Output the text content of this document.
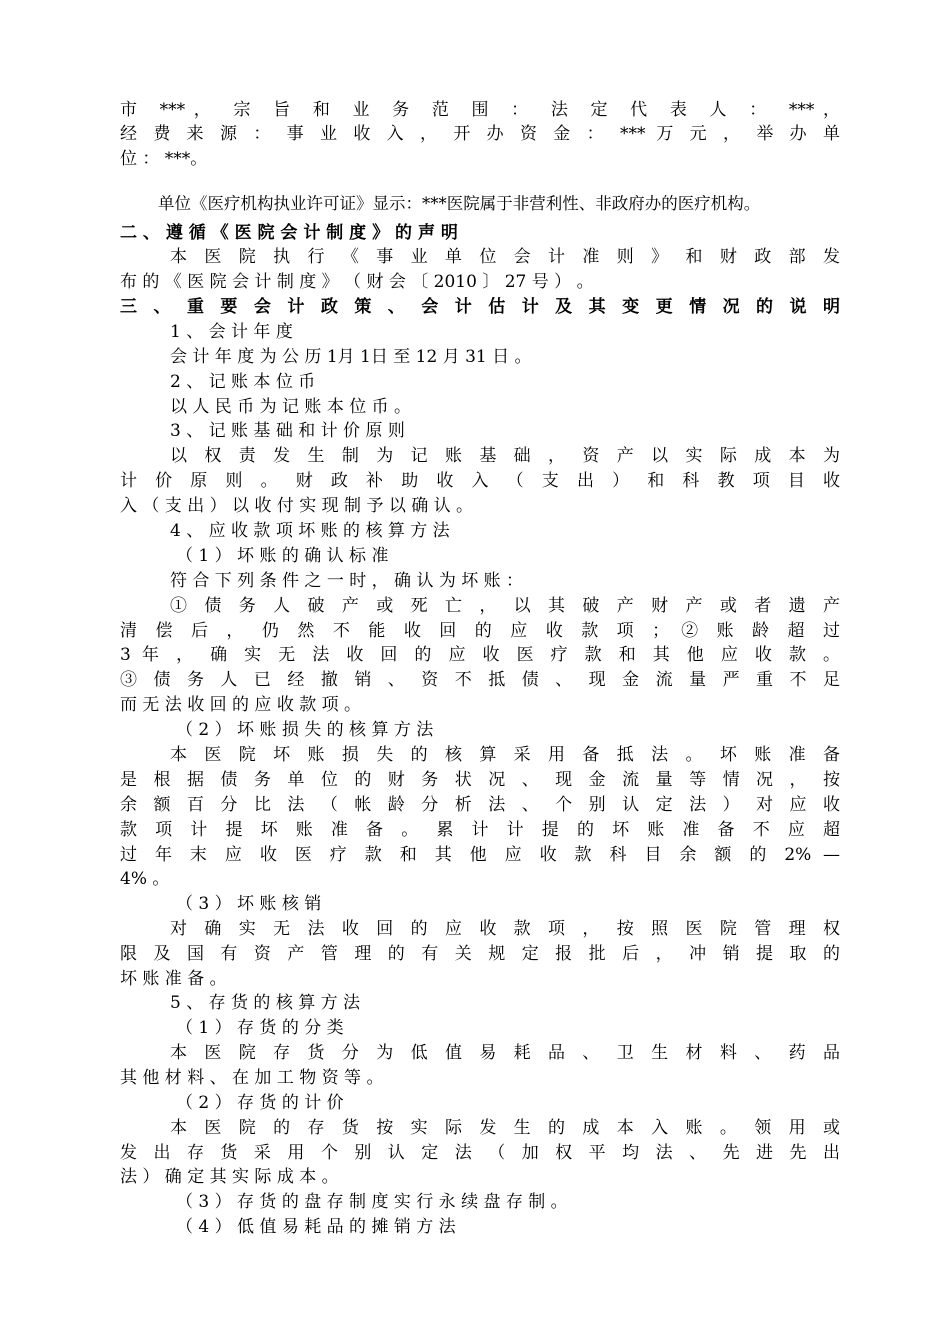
市 ***， 宗 旨 和 业 务 范 围 ： 法 定 代 表 人 ： ***，
经 费 来 源 ： 事 业 收 入 ， 开 办 资 金 ： *** 万 元 ， 举 办 单
位 ： ***。
单位《医疗机构执业许可证》显示：***医院属于非营利性、非政府办的医疗机构。
二 、 遵 循 《 医 院 会 计 制 度 》 的 声 明
本 医 院 执 行 《 事 业 单 位 会 计 准 则 》 和 财 政 部 发
布 的 《 医 院 会 计 制 度 》 （ 财 会 〔 2010 〕 27 号 ） 。
三 、 重 要 会 计 政 策 、 会 计 估 计 及 其 变 更 情 况 的 说 明
1 、 会 计 年 度
会 计 年 度 为 公 历 1月 1日 至 12 月 31 日 。
2 、 记 账 本 位 币
以 人 民 币 为 记 账 本 位 币 。
3 、 记 账 基 础 和 计 价 原 则
以 权 责 发 生 制 为 记 账 基 础 ， 资 产 以 实 际 成 本 为
计 价 原 则 。 财 政 补 助 收 入 （ 支 出 ） 和 科 教 项 目 收
入 （ 支 出 ） 以 收 付 实 现 制 予 以 确 认 。
4 、 应 收 款 项 坏 账 的 核 算 方 法
（ 1 ） 坏 账 的 确 认 标 准
符 合 下 列 条 件 之 一 时 ， 确 认 为 坏 账 ：
① 债 务 人 破 产 或 死 亡 ， 以 其 破 产 财 产 或 者 遗 产
清 偿 后 ， 仍 然 不 能 收 回 的 应 收 款 项 ； ② 账 龄 超 过
3 年 ， 确 实 无 法 收 回 的 应 收 医 疗 款 和 其 他 应 收 款 。
③ 债 务 人 已 经 撤 销 、 资 不 抵 债 、 现 金 流 量 严 重 不 足
而 无 法 收 回 的 应 收 款 项 。
（ 2 ） 坏 账 损 失 的 核 算 方 法
本 医 院 坏 账 损 失 的 核 算 采 用 备 抵 法 。 坏 账 准 备
是 根 据 债 务 单 位 的 财 务 状 况 、 现 金 流 量 等 情 况 ， 按
余 额 百 分 比 法 （ 帐 龄 分 析 法 、 个 别 认 定 法 ） 对 应 收
款 项 计 提 坏 账 准 备 。 累 计 计 提 的 坏 账 准 备 不 应 超
过 年 末 应 收 医 疗 款 和 其 他 应 收 款 科 目 余 额 的 2% —
4% 。
（ 3 ） 坏 账 核 销
对 确 实 无 法 收 回 的 应 收 款 项 ， 按 照 医 院 管 理 权
限 及 国 有 资 产 管 理 的 有 关 规 定 报 批 后 ， 冲 销 提 取 的
坏 账 准 备 。
5 、 存 货 的 核 算 方 法
（ 1 ） 存 货 的 分 类
本 医 院 存 货 分 为 低 值 易 耗 品 、 卫 生 材 料 、 药 品
其 他 材 料 、 在 加 工 物 资 等 。
（ 2 ） 存 货 的 计 价
本 医 院 的 存 货 按 实 际 发 生 的 成 本 入 账 。 领 用 或
发 出 存 货 采 用 个 别 认 定 法 （ 加 权 平 均 法 、 先 进 先 出
法 ） 确 定 其 实 际 成 本 。
（ 3 ） 存 货 的 盘 存 制 度 实 行 永 续 盘 存 制 。
（ 4 ） 低 值 易 耗 品 的 摊 销 方 法
